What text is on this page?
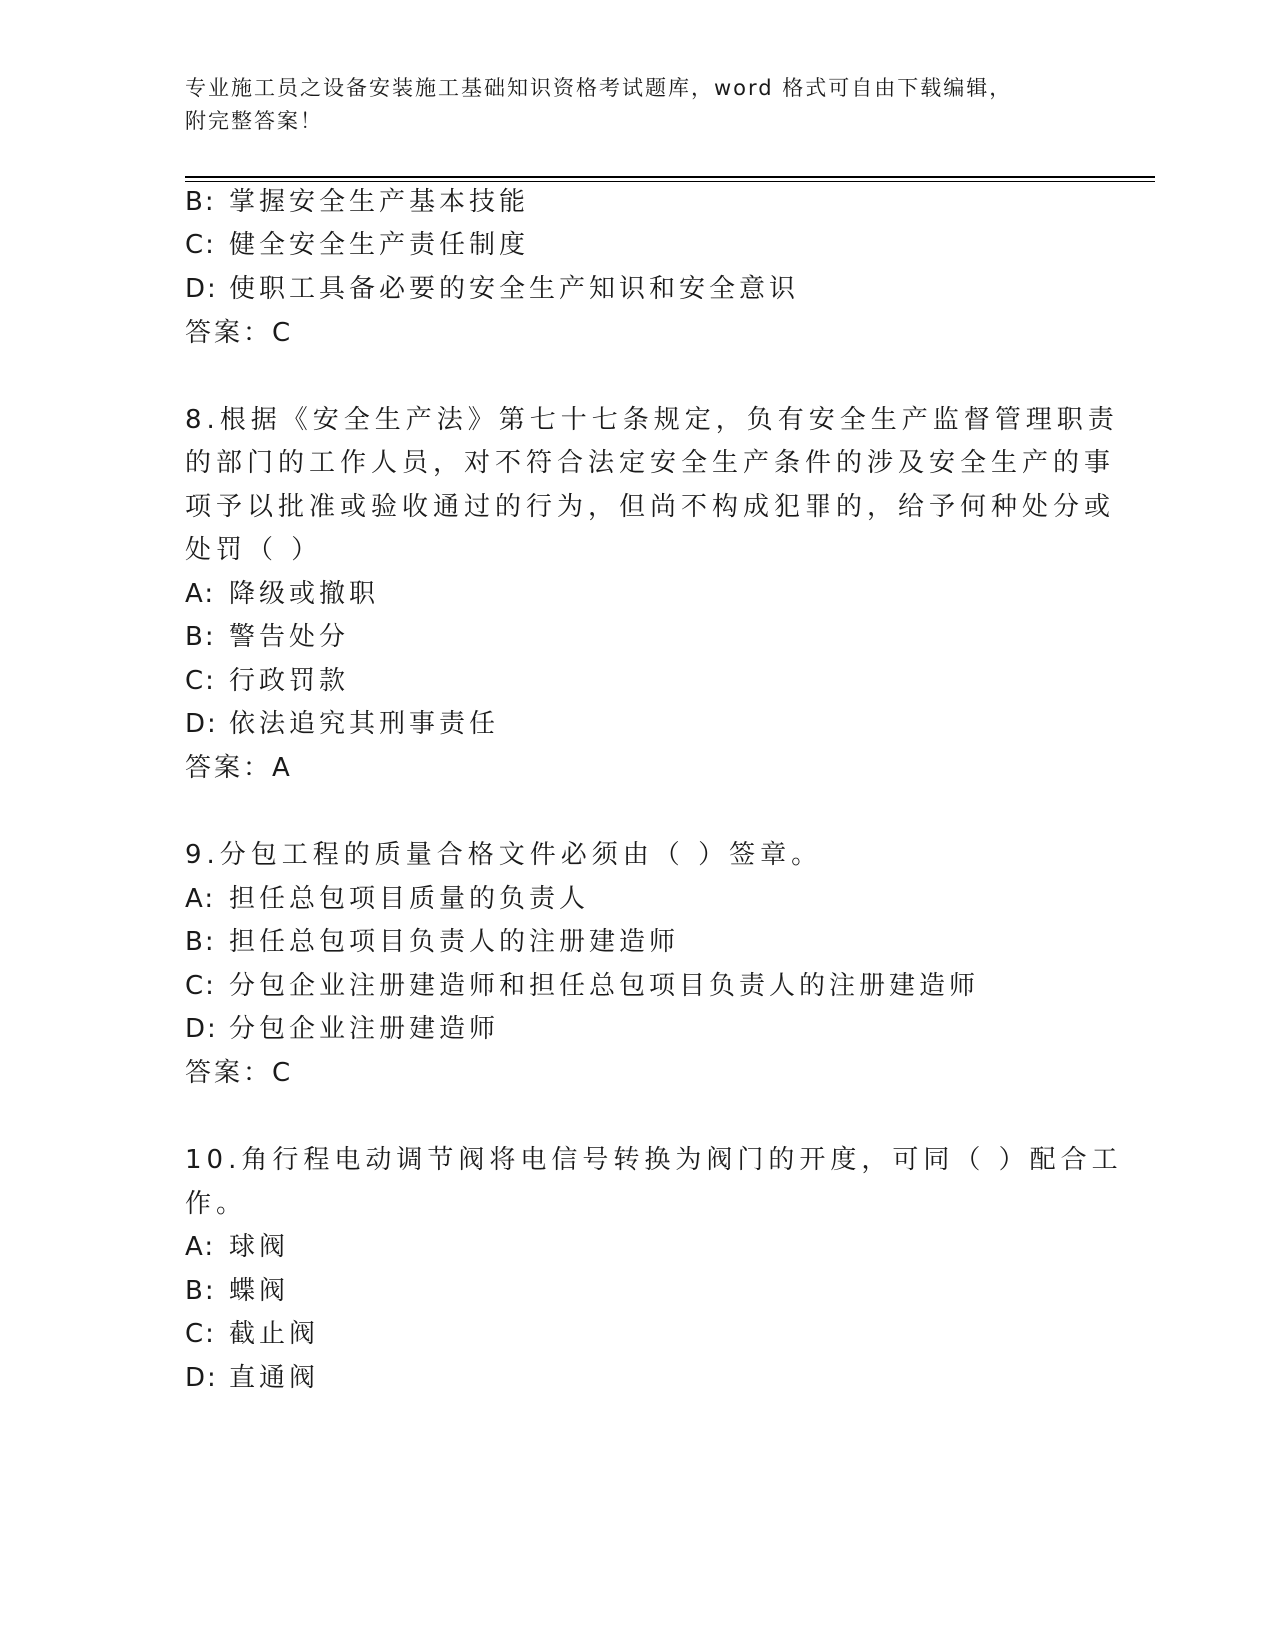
专业施工员之设备安装施工基础知识资格考试题库，word 格式可自由下载编辑，
附完整答案！
B: 掌握安全生产基本技能
C: 健全安全生产责任制度
D: 使职工具备必要的安全生产知识和安全意识
答案：C
8.根据《安全生产法》第七十七条规定，负有安全生产监督管理职责
的部门的工作人员，对不符合法定安全生产条件的涉及安全生产的事
项予以批准或验收通过的行为，但尚不构成犯罪的，给予何种处分或
处罚（ ）
A: 降级或撤职
B: 警告处分
C: 行政罚款
D: 依法追究其刑事责任
答案：A
9.分包工程的质量合格文件必须由（ ）签章。
A: 担任总包项目质量的负责人
B: 担任总包项目负责人的注册建造师
C: 分包企业注册建造师和担任总包项目负责人的注册建造师
D: 分包企业注册建造师
答案：C
10.角行程电动调节阀将电信号转换为阀门的开度，可同（ ）配合工
作。
A: 球阀
B: 蝶阀
C: 截止阀
D: 直通阀
